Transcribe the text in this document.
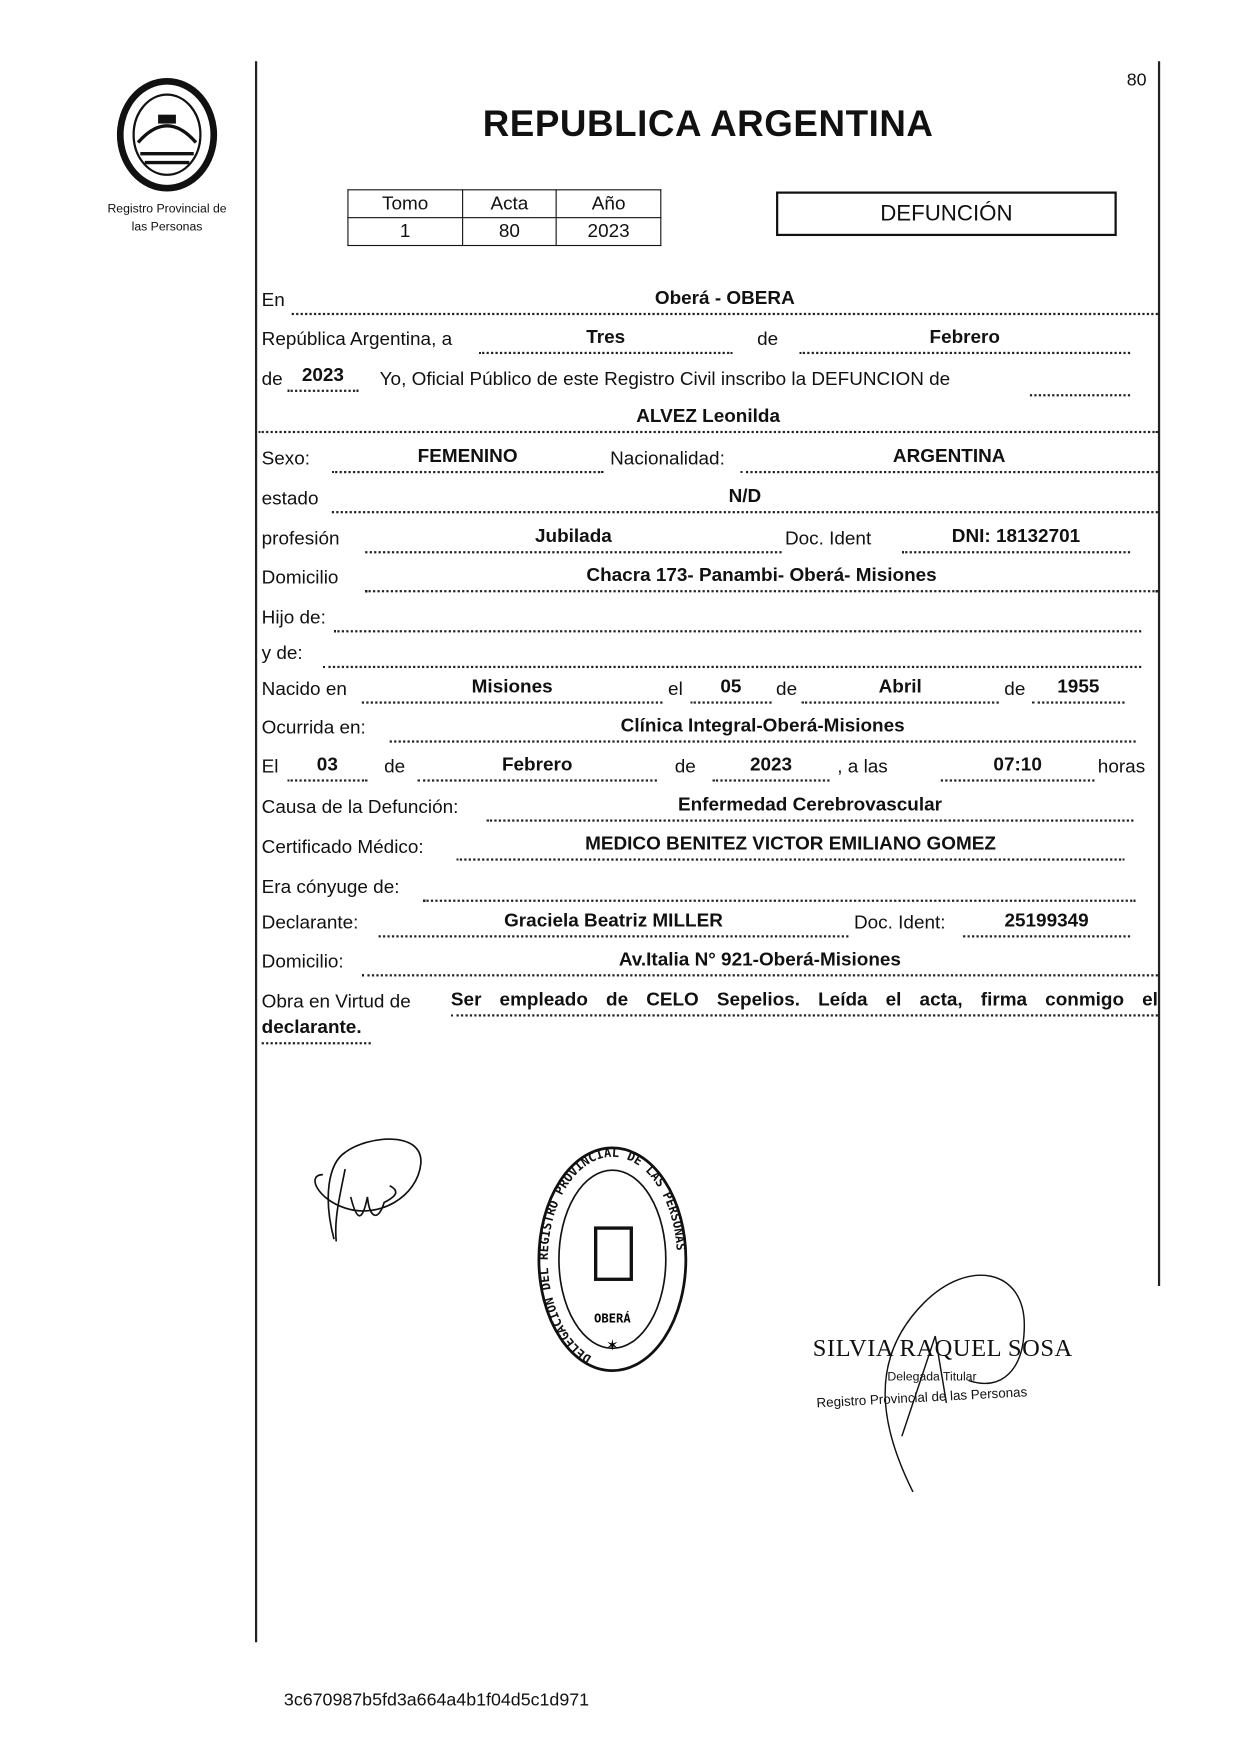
Registro Provincial de
las Personas
80
REPUBLICA ARGENTINA
Tomo	Acta	Año
1	80	2023
DEFUNCIÓN
En	Oberá - OBERA
República Argentina, a	Tres	de	Febrero
de	2023	Yo, Oficial Público de este Registro Civil inscribo la DEFUNCION de
ALVEZ Leonilda
Sexo:	FEMENINO	Nacionalidad:	ARGENTINA
estado	N/D
profesión	Jubilada	Doc. Ident	DNI: 18132701
Domicilio	Chacra 173- Panambi- Oberá- Misiones
Hijo de:
y de:
Nacido en	Misiones	el	05	de	Abril	de	1955
Ocurrida en:	Clínica Integral-Oberá-Misiones
El	03	de	Febrero	de	2023	, a las	07:10	horas
Causa de la Defunción:	Enfermedad Cerebrovascular
Certificado Médico:	MEDICO BENITEZ VICTOR EMILIANO GOMEZ
Era cónyuge de:
Declarante:	Graciela Beatriz MILLER	Doc. Ident:	25199349
Domicilio:	Av.Italia N° 921-Oberá-Misiones
Obra en Virtud de Ser empleado de CELO Sepelios. Leída el acta, firma conmigo el
declarante.
DELEGACION DEL REGISTRO PROVINCIAL DE LAS PERSONAS
OBERÁ
✶	SILVIA RAQUEL SOSA
Delegada Titular
Registro Provincial de las Personas
3c670987b5fd3a664a4b1f04d5c1d971
